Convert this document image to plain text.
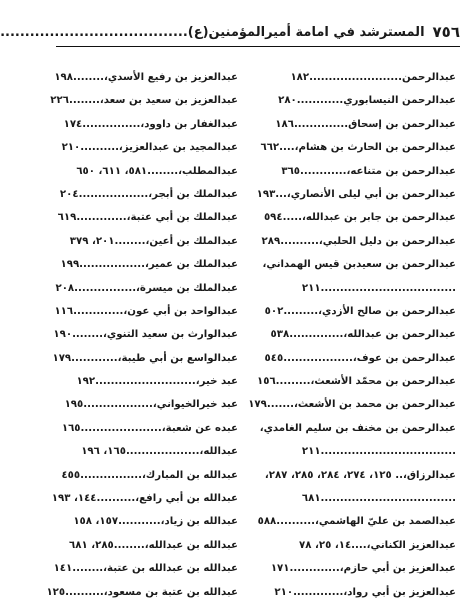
٧٥٦
المسترشد في امامة أميرالمؤمنين(ع)......................................
عبدالرحمن........................١٨٢
عبدالرحمن النيسابوري............٢٨٠
عبدالرحمن بن إسحاق..............١٨٦
عبدالرحمن بن الحارث بن هشام،....٦٦٢
عبدالرحمن بن متناعه،............٣٦٥
عبدالرحمن بن أبي ليلى الأنصاري،...١٩٣
عبدالرحمن بن جابر بن عبدالله،.....٥٩٤
عبدالرحمن بن دليل الحلبي،..........٢٨٩
عبدالرحمن بن سعيدبن قيس الهمداني،
...................................٢١١
عبدالرحمن بن صالح الأزدي،.........٥٠٢
عبدالرحمن بن عبدالله،..............٥٣٨
عبدالرحمن بن عوف،..................٥٤٥
عبدالرحمن بن محمّد الأشعث،.........١٥٦
عبدالرحمن بن محمد بن الأشعث،.......١٧٩
عبدالرحمن بن مخنف بن سليم الغامدي،
...................................٢١١
عبدالرزاق،.. ١٢٥، ٢٧٤، ٢٨٤، ٢٨٥، ٢٨٧،
...................................٦٨١
عبدالصمد بن عليّ الهاشمي،..........٥٨٨
عبدالعزيز الكناني،....١٤، ٢٥، ٧٨
عبدالعزيز بن أبي حازم،.............١٧١
عبدالعزيز بن أبي رواد،.............٢١٠
عبدالعزيز بن رفيع الأسدي،........١٩٨
عبدالعزيز بن سعيد بن سعد،........٢٢٦
عبدالغفار بن داوود،...............١٧٤
عبدالمجيد بن عبدالعزيز،..........٢١٠
عبدالمطلب،........٥٨١، ٦١١، ٦٥٠
عبدالملك بن أبجر،..................٢٠٤
عبدالملك بن أبي عتبة،.............٦١٩
عبدالملك بن أعين،........٢٠١، ٣٧٩
عبدالملك بن عمير،.................١٩٩
عبدالملك بن ميسرة،................٢٠٨
عبدالواحد بن أبي عون،.............١١٦
عبدالوارث بن سعيد التنوي،........١٩٠
عبدالواسع بن أبي طيبة،............١٧٩
عبد خير،..........................١٩٢
عبد خيرالخيواني،..................١٩٥
عبده عن شعبة،.....................١٦٥
عبدالله،...................١٦٥، ١٩٦
عبدالله بن المبارك،................٤٥٥
عبدالله بن أبي رافع،..........١٤٤، ١٩٣
عبدالله بن زياد،...........١٥٧، ١٥٨
عبدالله بن عبدالله،........٢٨٥، ٦٨١
عبدالله بن عبدالله بن عتبة،........١٤١
عبدالله بن عتبة بن مسعود،..........١٢٥
